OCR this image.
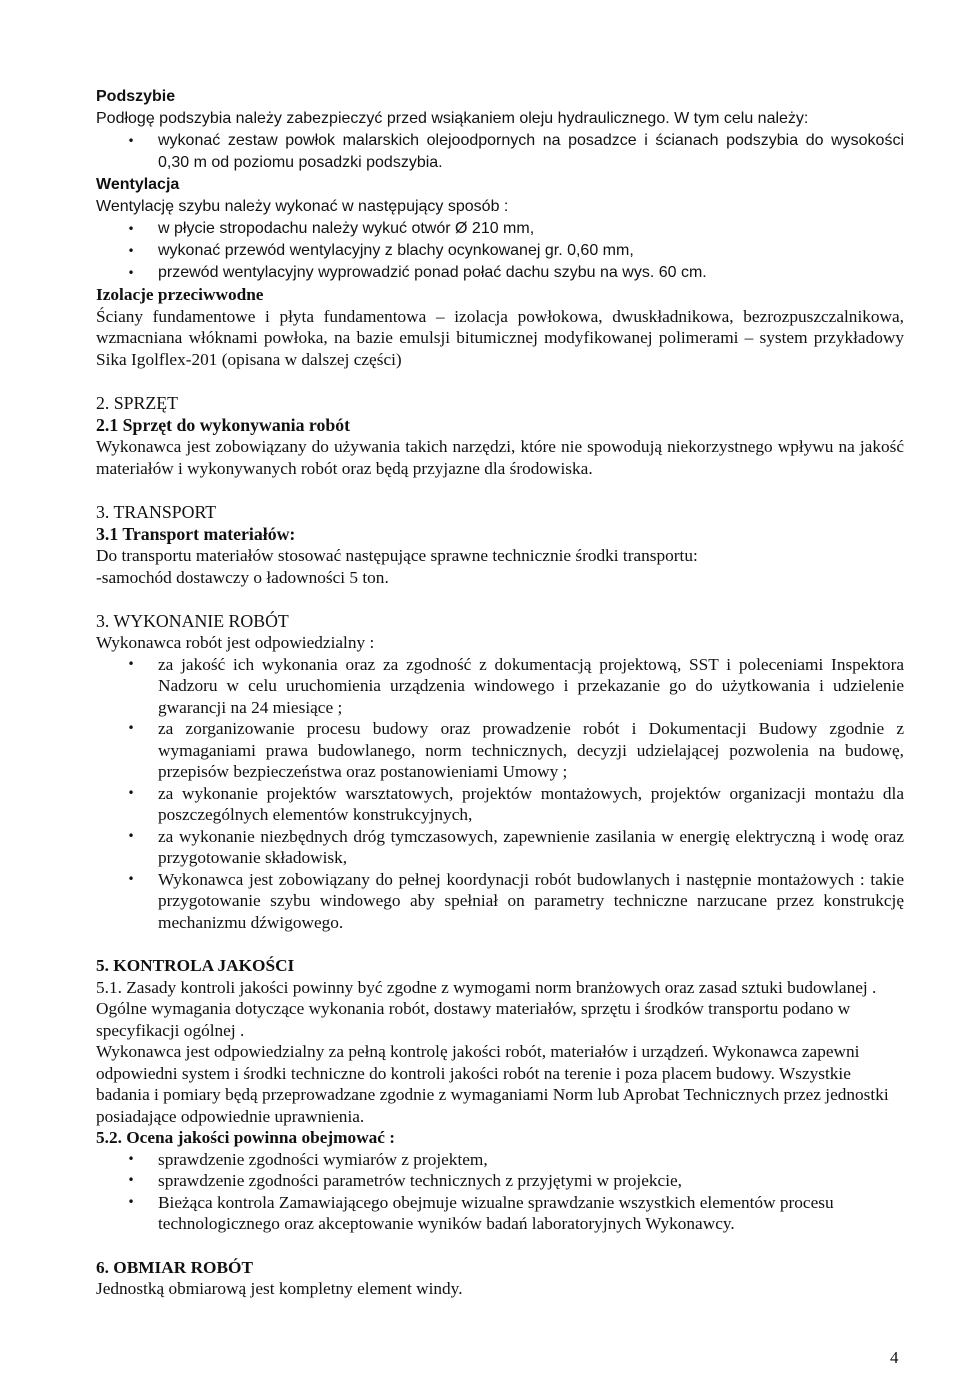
Podszybie

Podłogę podszybia należy zabezpieczyć przed wsiąkaniem oleju hydraulicznego. W tym celu należy:

• wykonać zestaw powłok malarskich olejoodpornych na posadzce i ścianach podszybia do wysokości 0,30 m od poziomu posadzki podszybia.

Wentylacja

Wentylację szybu należy wykonać w następujący sposób :

• w płycie stropodachu należy wykuć otwór Ø 210 mm,
• wykonać przewód wentylacyjny z blachy ocynkowanej gr. 0,60 mm,
• przewód wentylacyjny wyprowadzić ponad połać dachu szybu na wys. 60 cm.

Izolacje przeciwwodne

Ściany fundamentowe i płyta fundamentowa – izolacja powłokowa, dwuskładnikowa, bezrozpuszczalnikowa, wzmacniana włóknami powłoka, na bazie emulsji bitumicznej modyfikowanej polimerami – system przykładowy Sika Igolflex-201 (opisana w dalszej części)

2. SPRZĘT

2.1 Sprzęt do wykonywania robót

Wykonawca jest zobowiązany do używania takich narzędzi, które nie spowodują niekorzystnego wpływu na jakość materiałów i wykonywanych robót oraz będą przyjazne dla środowiska.

3. TRANSPORT

3.1 Transport materiałów:

Do transportu materiałów stosować następujące sprawne technicznie środki transportu:

-samochód dostawczy o ładowności 5 ton.

3. WYKONANIE ROBÓT

Wykonawca robót jest odpowiedzialny :

• za jakość ich wykonania oraz za zgodność z dokumentacją projektową, SST i poleceniami Inspektora Nadzoru w celu uruchomienia urządzenia windowego i przekazanie go do użytkowania i udzielenie gwarancji na 24 miesiące ;
• za zorganizowanie procesu budowy oraz prowadzenie robót i Dokumentacji Budowy zgodnie z wymaganiami prawa budowlanego, norm technicznych, decyzji udzielającej pozwolenia na budowę, przepisów bezpieczeństwa oraz postanowieniami Umowy ;
• za wykonanie projektów warsztatowych, projektów montażowych, projektów organizacji montażu dla poszczególnych elementów konstrukcyjnych,
• za wykonanie niezbędnych dróg tymczasowych, zapewnienie zasilania w energię elektryczną i wodę oraz przygotowanie składowisk,
• Wykonawca jest zobowiązany do pełnej koordynacji robót budowlanych i następnie montażowych : takie przygotowanie szybu windowego aby spełniał on parametry techniczne narzucane przez konstrukcję mechanizmu dźwigowego.

5. KONTROLA JAKOŚCI

5.1. Zasady kontroli jakości powinny być zgodne z wymogami norm branżowych oraz zasad sztuki budowlanej . Ogólne wymagania dotyczące wykonania robót, dostawy materiałów, sprzętu i środków transportu podano w specyfikacji ogólnej .

Wykonawca jest odpowiedzialny za pełną kontrolę jakości robót, materiałów i urządzeń. Wykonawca zapewni odpowiedni system i środki techniczne do kontroli jakości robót na terenie i poza placem budowy. Wszystkie badania i pomiary będą przeprowadzane zgodnie z wymaganiami Norm lub Aprobat Technicznych przez jednostki posiadające odpowiednie uprawnienia.

5.2. Ocena jakości powinna obejmować :

• sprawdzenie zgodności wymiarów z projektem,
• sprawdzenie zgodności parametrów technicznych z przyjętymi w projekcie,
• Bieżąca kontrola Zamawiającego obejmuje wizualne sprawdzanie wszystkich elementów procesu technologicznego oraz akceptowanie wyników badań laboratoryjnych Wykonawcy.

6. OBMIAR ROBÓT

Jednostką obmiarową jest kompletny element windy.

4
